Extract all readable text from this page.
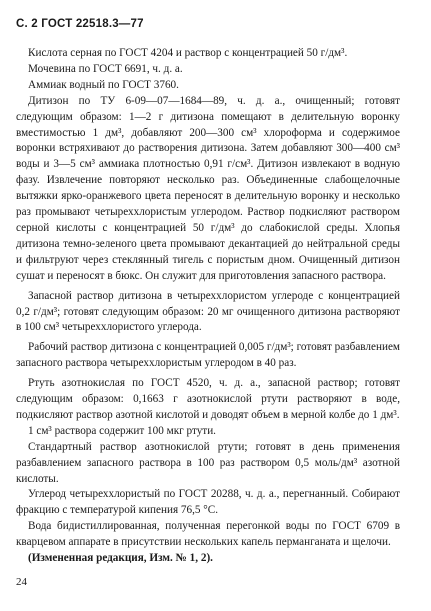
С. 2 ГОСТ 22518.3—77

Кислота серная по ГОСТ 4204 и раствор с концентрацией 50 г/дм³.

Мочевина по ГОСТ 6691, ч. д. а.

Аммиак водный по ГОСТ 3760.

Дитизон по ТУ 6-09—07—1684—89, ч. д. а., очищенный; готовят следующим образом: 1—2 г дитизона помещают в делительную воронку вместимостью 1 дм³, добавляют 200—300 см³ хлороформа и содержимое воронки встряхивают до растворения дитизона. Затем добавляют 300—400 см³ воды и 3—5 см³ аммиака плотностью 0,91 г/см³. Дитизон извлекают в водную фазу. Извлечение повторяют несколько раз. Объединенные слабощелочные вытяжки ярко-оранжевого цвета переносят в делительную воронку и несколько раз промывают четыреххлористым углеродом. Раствор подкисляют раствором серной кислоты с концентрацией 50 г/дм³ до слабокислой среды. Хлопья дитизона темно-зеленого цвета промывают декантацией до нейтральной среды и фильтруют через стеклянный тигель с пористым дном. Очищенный дитизон сушат и переносят в бюкс. Он служит для приготовления запасного раствора.

Запасной раствор дитизона в четыреххлористом углероде с концентрацией 0,2 г/дм³; готовят следующим образом: 20 мг очищенного дитизона растворяют в 100 см³ четыреххлористого углерода.

Рабочий раствор дитизона с концентрацией 0,005 г/дм³; готовят разбавлением запасного раствора четыреххлористым углеродом в 40 раз.

Ртуть азотнокислая по ГОСТ 4520, ч. д. а., запасной раствор; готовят следующим образом: 0,1663 г азотнокислой ртути растворяют в воде, подкисляют раствор азотной кислотой и доводят объем в мерной колбе до 1 дм³.

1 см³ раствора содержит 100 мкг ртути.

Стандартный раствор азотнокислой ртути; готовят в день применения разбавлением запасного раствора в 100 раз раствором 0,5 моль/дм³ азотной кислоты.

Углерод четыреххлористый по ГОСТ 20288, ч. д. а., перегнанный. Собирают фракцию с температурой кипения 76,5 °С.

Вода бидистиллированная, полученная перегонкой воды по ГОСТ 6709 в кварцевом аппарате в присутствии нескольких капель перманганата и щелочи.

(Измененная редакция, Изм. № 1, 2).

24
